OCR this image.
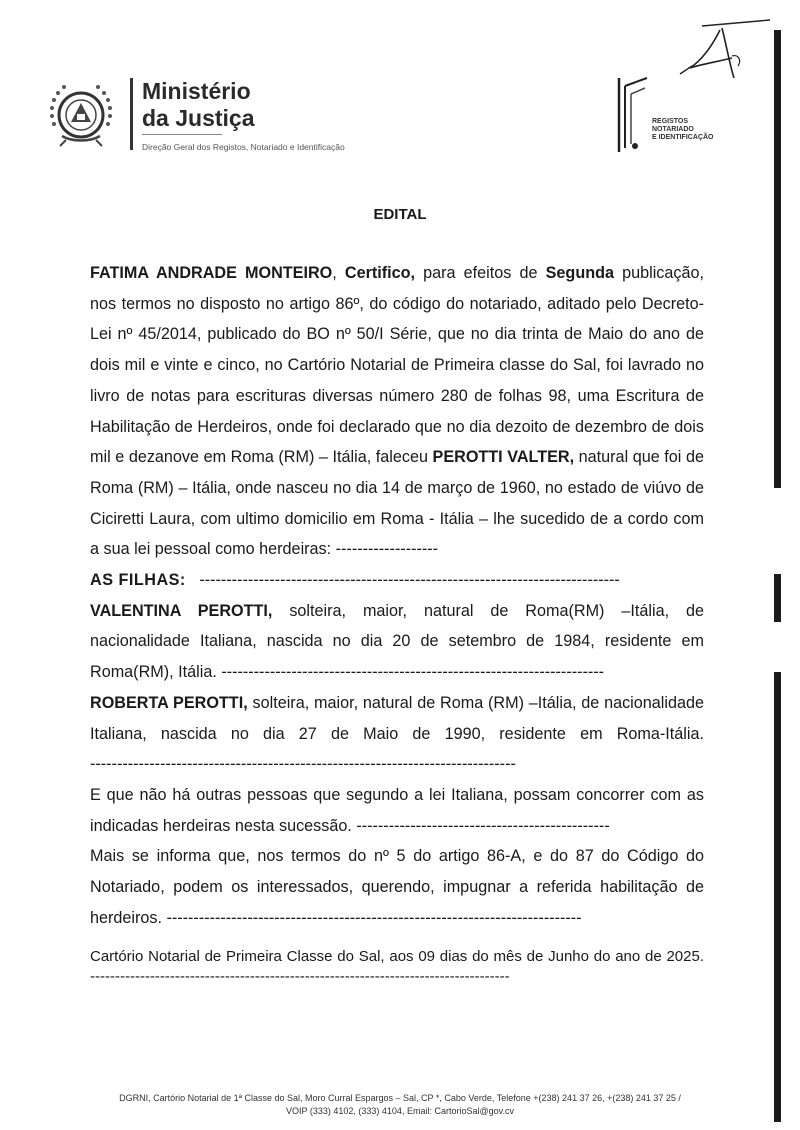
Ministério
da Justiça
Direção Geral dos Registos, Notariado e Identificação

REGISTOS
NOTARIADO
E IDENTIFICAÇÃO
EDITAL

FATIMA ANDRADE MONTEIRO, Certifico, para efeitos de Segunda publicação, nos termos no disposto no artigo 86º, do código do notariado, aditado pelo Decreto-Lei nº 45/2014, publicado do BO nº 50/I Série, que no dia trinta de Maio do ano de dois mil e vinte e cinco, no Cartório Notarial de Primeira classe do Sal, foi lavrado no livro de notas para escrituras diversas número 280 de folhas 98, uma Escritura de Habilitação de Herdeiros, onde foi declarado que no dia dezoito de dezembro de dois mil e dezanove em Roma (RM) – Itália, faleceu PEROTTI VALTER, natural que foi de Roma (RM) – Itália, onde nasceu no dia 14 de março de 1960, no estado de viúvo de Ciciretti Laura, com ultimo domicilio em Roma - Itália – lhe sucedido de a cordo com a sua lei pessoal como herdeiras: -------------------

AS FILHAS: ------------------------------------------------------------------------------

VALENTINA PEROTTI, solteira, maior, natural de Roma(RM) –Itália, de nacionalidade Italiana, nascida no dia 20 de setembro de 1984, residente em Roma(RM), Itália. -----------------------------------------------------------------------

ROBERTA PEROTTI, solteira, maior, natural de Roma (RM) –Itália, de nacionalidade Italiana, nascida no dia 27 de Maio de 1990, residente em Roma-Itália. -------------------------------------------------------------------------------

E que não há outras pessoas que segundo a lei Italiana, possam concorrer com as indicadas herdeiras nesta sucessão. -----------------------------------------------

Mais se informa que, nos termos do nº 5 do artigo 86-A, e do 87 do Código do Notariado, podem os interessados, querendo, impugnar a referida habilitação de herdeiros. -----------------------------------------------------------------------------

Cartório Notarial de Primeira Classe do Sal, aos 09 dias do mês de Junho do ano de 2025. ------------------------------------------------------------------------------------
DGRNI, Cartório Notarial de 1ª Classe do Sal, Moro Curral Espargos – Sal, CP *, Cabo Verde, Telefone +(238) 241 37 26, +(238) 241 37 25 /
VOIP (333) 4102, (333) 4104, Email: CartorioSal@gov.cv
